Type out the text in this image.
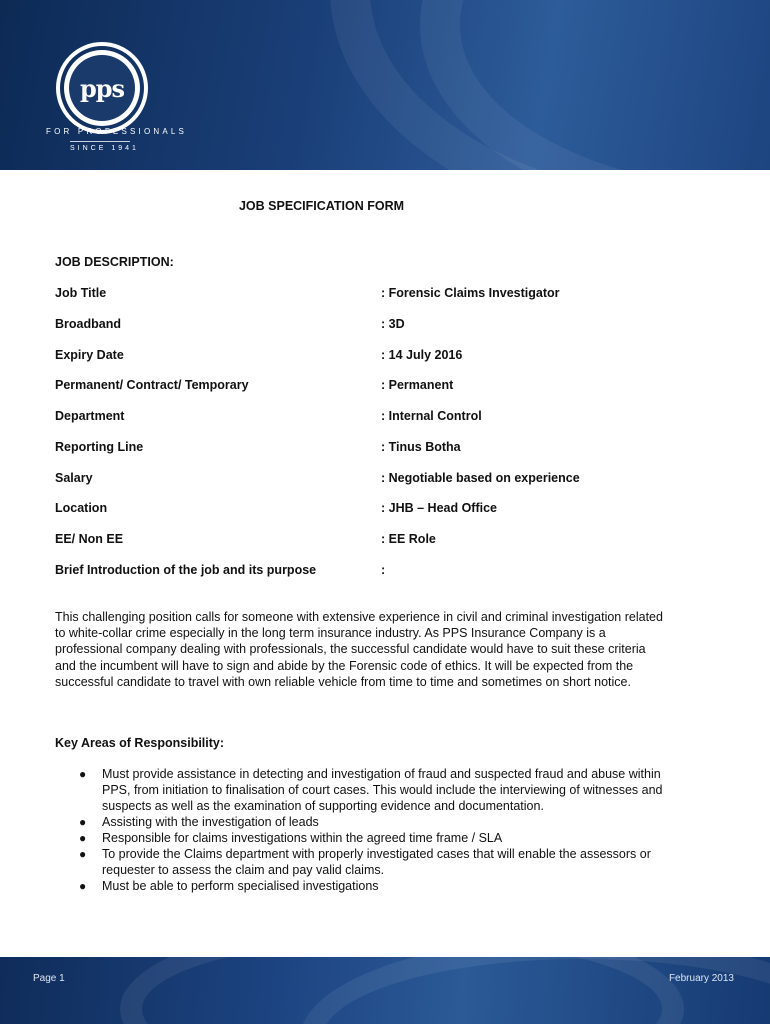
pps
FOR PROFESSIONALS
SINCE 1941
JOB SPECIFICATION FORM
JOB DESCRIPTION:
Job Title	: Forensic Claims Investigator
Broadband	: 3D
Expiry Date	: 14 July 2016
Permanent/ Contract/ Temporary	: Permanent
Department	: Internal Control
Reporting Line	: Tinus Botha
Salary	: Negotiable based on experience
Location	: JHB – Head Office
EE/ Non EE	: EE Role
Brief Introduction of the job and its purpose	:
This challenging position calls for someone with extensive experience in civil and criminal investigation related to white-collar crime especially in the long term insurance industry. As PPS Insurance Company is a professional company dealing with professionals, the successful candidate would have to suit these criteria and the incumbent will have to sign and abide by the Forensic code of ethics. It will be expected from the successful candidate to travel with own reliable vehicle from time to time and sometimes on short notice.
Key Areas of Responsibility:
● Must provide assistance in detecting and investigation of fraud and suspected fraud and abuse within PPS, from initiation to finalisation of court cases. This would include the interviewing of witnesses and suspects as well as the examination of supporting evidence and documentation.
● Assisting with the investigation of leads
● Responsible for claims investigations within the agreed time frame / SLA
● To provide the Claims department with properly investigated cases that will enable the assessors or requester to assess the claim and pay valid claims.
● Must be able to perform specialised investigations
Page 1	February 2013
